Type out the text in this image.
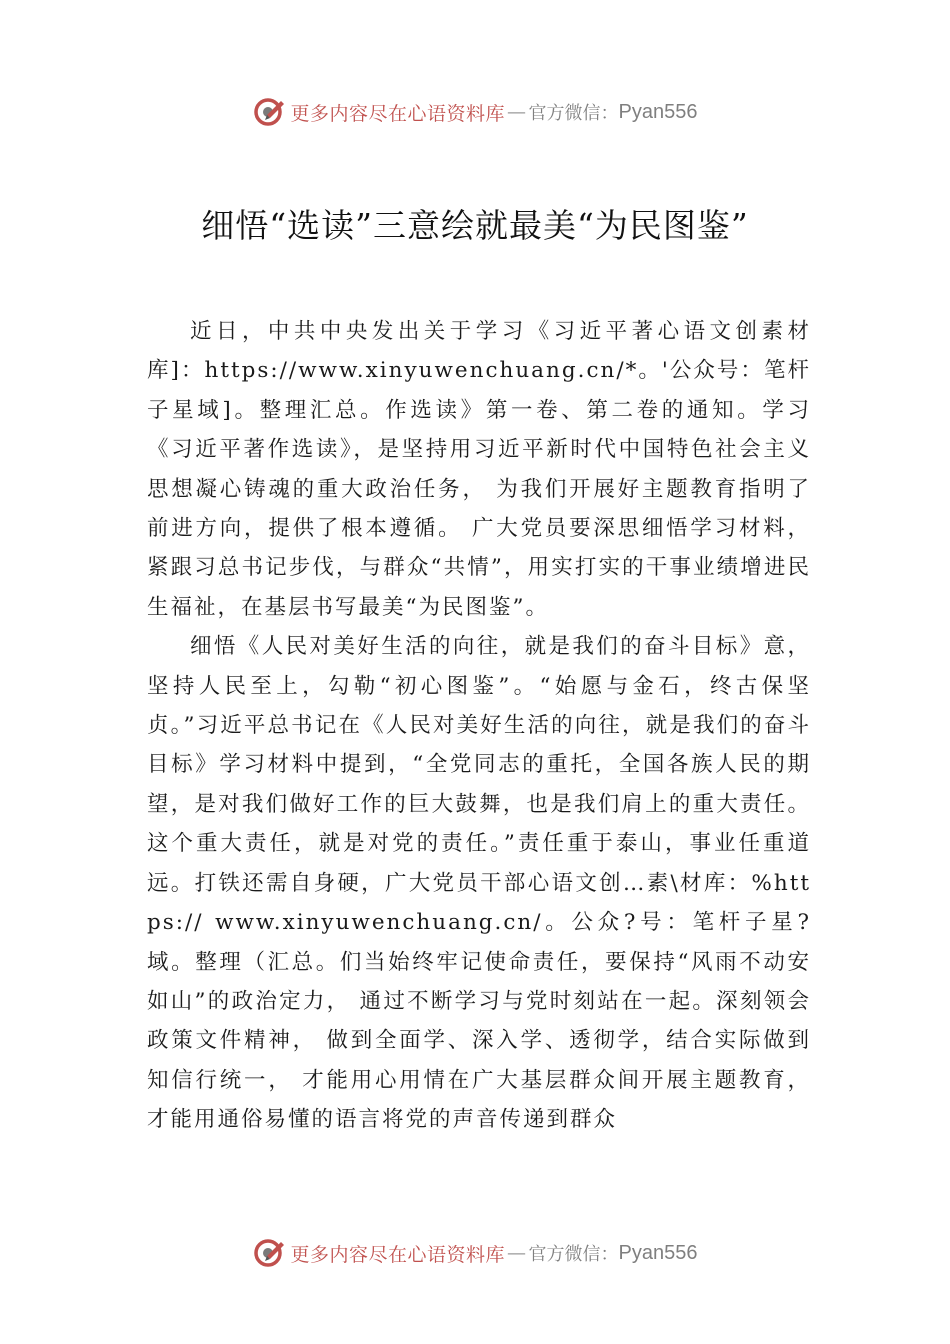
更多内容尽在心语资料库 — 官方微信： Pyan556
细悟“选读”三意绘就最美“为民图鉴”

近日，中共中央发出关于学习《习近平著心语文创素材库]：https://www.xinyuwenchuang.cn/*。'公众号：笔杆子星域]。整理汇总。作选读》第一卷、第二卷的通知。学习《习近平著作选读》，是坚持用习近平新时代中国特色社会主义思想凝心铸魂的重大政治任务， 为我们开展好主题教育指明了前进方向，提供了根本遵循。 广大党员要深思细悟学习材料，紧跟习总书记步伐，与群众“共情”，用实打实的干事业绩增进民生福祉，在基层书写最美“为民图鉴”。

细悟《人民对美好生活的向往，就是我们的奋斗目标》意，坚持人民至上，勾勒“初心图鉴”。“始愿与金石，终古保坚贞。”习近平总书记在《人民对美好生活的向往，就是我们的奋斗目标》学习材料中提到，“全党同志的重托，全国各族人民的期望，是对我们做好工作的巨大鼓舞，也是我们肩上的重大责任。这个重大责任，就是对党的责任。”责任重于泰山，事业任重道远。打铁还需自身硬，广大党员干部心语文创…素\材库：%https:// www.xinyuwenchuang.cn/。公众?号：笔杆子星?域。整理（汇总。们当始终牢记使命责任，要保持“风雨不动安如山”的政治定力， 通过不断学习与党时刻站在一起。深刻领会政策文件精神， 做到全面学、深入学、透彻学，结合实际做到知信行统一， 才能用心用情在广大基层群众间开展主题教育，才能用通俗易懂的语言将党的声音传递到群众

更多内容尽在心语资料库 — 官方微信： Pyan556
